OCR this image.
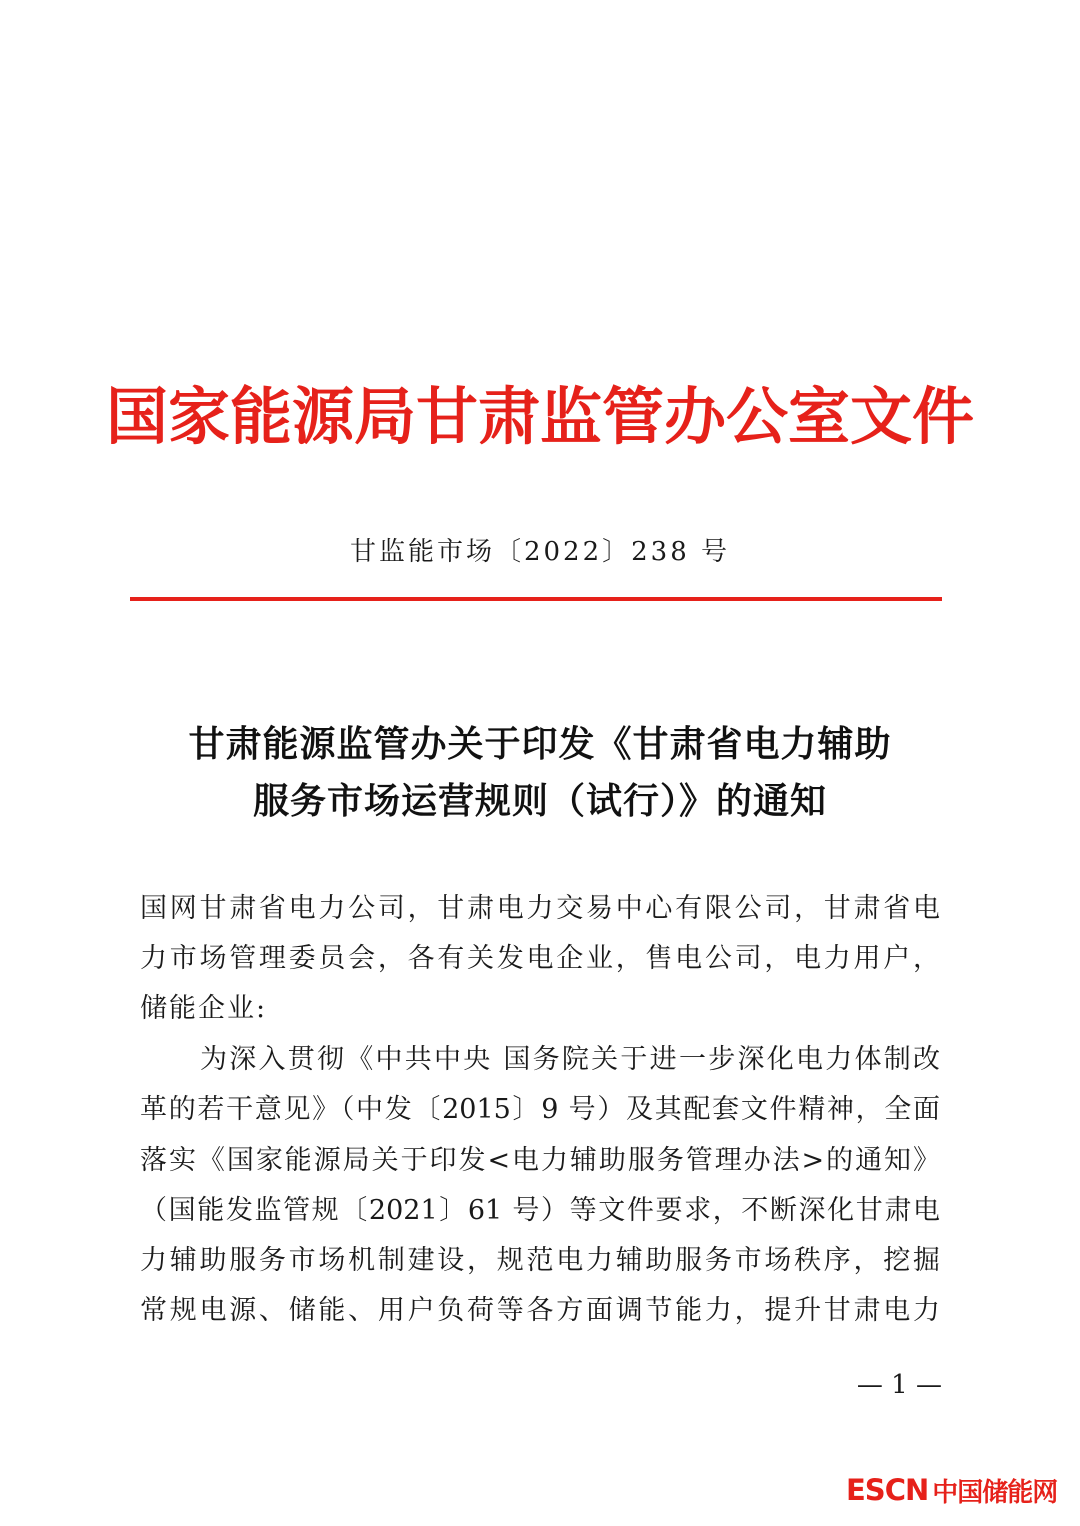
国家能源局甘肃监管办公室文件
甘监能市场〔2022〕238 号
甘肃能源监管办关于印发《甘肃省电力辅助
服务市场运营规则（试行）》的通知
国网甘肃省电力公司，甘肃电力交易中心有限公司，甘肃省电
力市场管理委员会，各有关发电企业，售电公司，电力用户，
储能企业:
为深入贯彻《中共中央 国务院关于进一步深化电力体制改
革的若干意见》（中发〔2015〕9 号）及其配套文件精神，全面
落实《国家能源局关于印发<电力辅助服务管理办法>的通知》
（国能发监管规〔2021〕61 号）等文件要求，不断深化甘肃电
力辅助服务市场机制建设，规范电力辅助服务市场秩序，挖掘
常规电源、储能、用户负荷等各方面调节能力，提升甘肃电力
— 1 —
ESCN 中国储能网
